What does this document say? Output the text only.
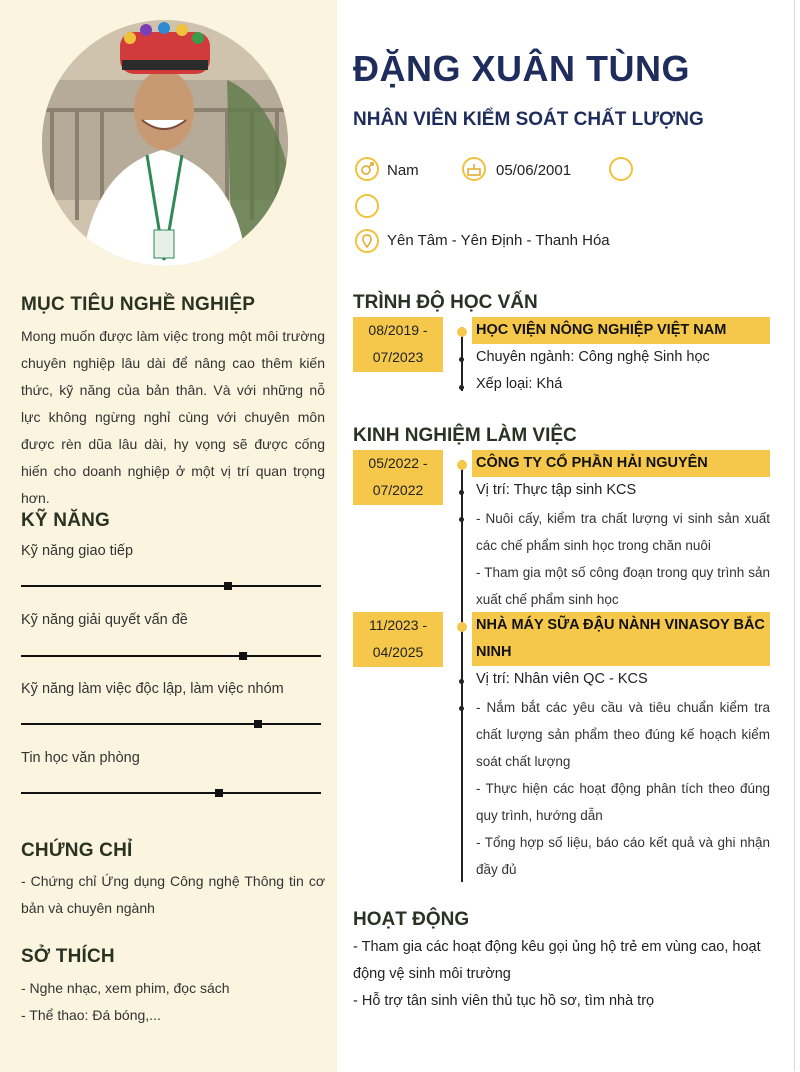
MỤC TIÊU NGHỀ NGHIỆP
Mong muốn được làm việc trong một môi trường chuyên nghiệp lâu dài để nâng cao thêm kiến thức, kỹ năng của bản thân. Và với những nỗ lực không ngừng nghỉ cùng với chuyên môn được rèn dũa lâu dài, hy vọng sẽ được cống hiến cho doanh nghiệp ở một vị trí quan trọng hơn.
KỸ NĂNG
Kỹ năng giao tiếp
Kỹ năng giải quyết vấn đề
Kỹ năng làm việc độc lập, làm việc nhóm
Tin học văn phòng
CHỨNG CHỈ
- Chứng chỉ Ứng dụng Công nghệ Thông tin cơ bản và chuyên ngành
SỞ THÍCH
- Nghe nhạc, xem phim, đọc sách
- Thể thao: Đá bóng,...
ĐẶNG XUÂN TÙNG
NHÂN VIÊN KIỂM SOÁT CHẤT LƯỢNG
Nam	05/06/2001
Yên Tâm - Yên Định - Thanh Hóa
TRÌNH ĐỘ HỌC VẤN
08/2019 -
07/2023
HỌC VIỆN NÔNG NGHIỆP VIỆT NAM
Chuyên ngành: Công nghệ Sinh học
Xếp loại: Khá
KINH NGHIỆM LÀM VIỆC
05/2022 -
07/2022
CÔNG TY CỔ PHẦN HẢI NGUYÊN
Vị trí: Thực tập sinh KCS
- Nuôi cấy, kiểm tra chất lượng vi sinh sản xuất các chế phẩm sinh học trong chăn nuôi
- Tham gia một số công đoạn trong quy trình sản xuất chế phẩm sinh học
11/2023 -
04/2025
NHÀ MÁY SỮA ĐẬU NÀNH VINASOY BẮC NINH
Vị trí: Nhân viên QC - KCS
- Nắm bắt các yêu cầu và tiêu chuẩn kiểm tra chất lượng sản phẩm theo đúng kế hoạch kiểm soát chất lượng
- Thực hiện các hoạt động phân tích theo đúng quy trình, hướng dẫn
- Tổng hợp số liệu, báo cáo kết quả và ghi nhận đầy đủ
HOẠT ĐỘNG
- Tham gia các hoạt động kêu gọi ủng hộ trẻ em vùng cao, hoạt động vệ sinh môi trường
- Hỗ trợ tân sinh viên thủ tục hồ sơ, tìm nhà trọ
